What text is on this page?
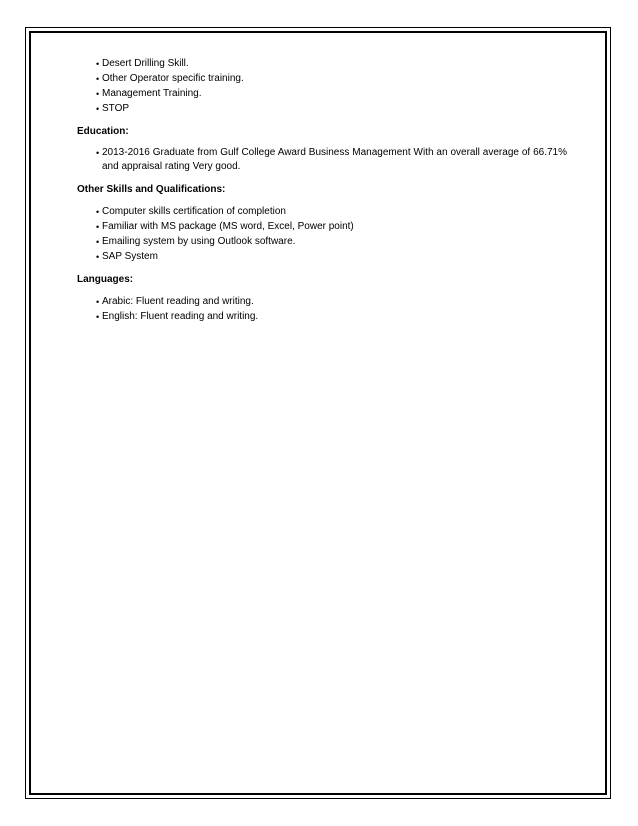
• Desert Drilling Skill.
• Other Operator specific training.
• Management Training.
• STOP
Education:
• 2013-2016 Graduate from Gulf College Award Business Management With an overall average of 66.71% and appraisal rating Very good.
Other Skills and Qualifications:
• Computer skills certification of completion
• Familiar with MS package (MS word, Excel, Power point)
• Emailing system by using Outlook software.
• SAP System
Languages:
• Arabic: Fluent reading and writing.
• English: Fluent reading and writing.
